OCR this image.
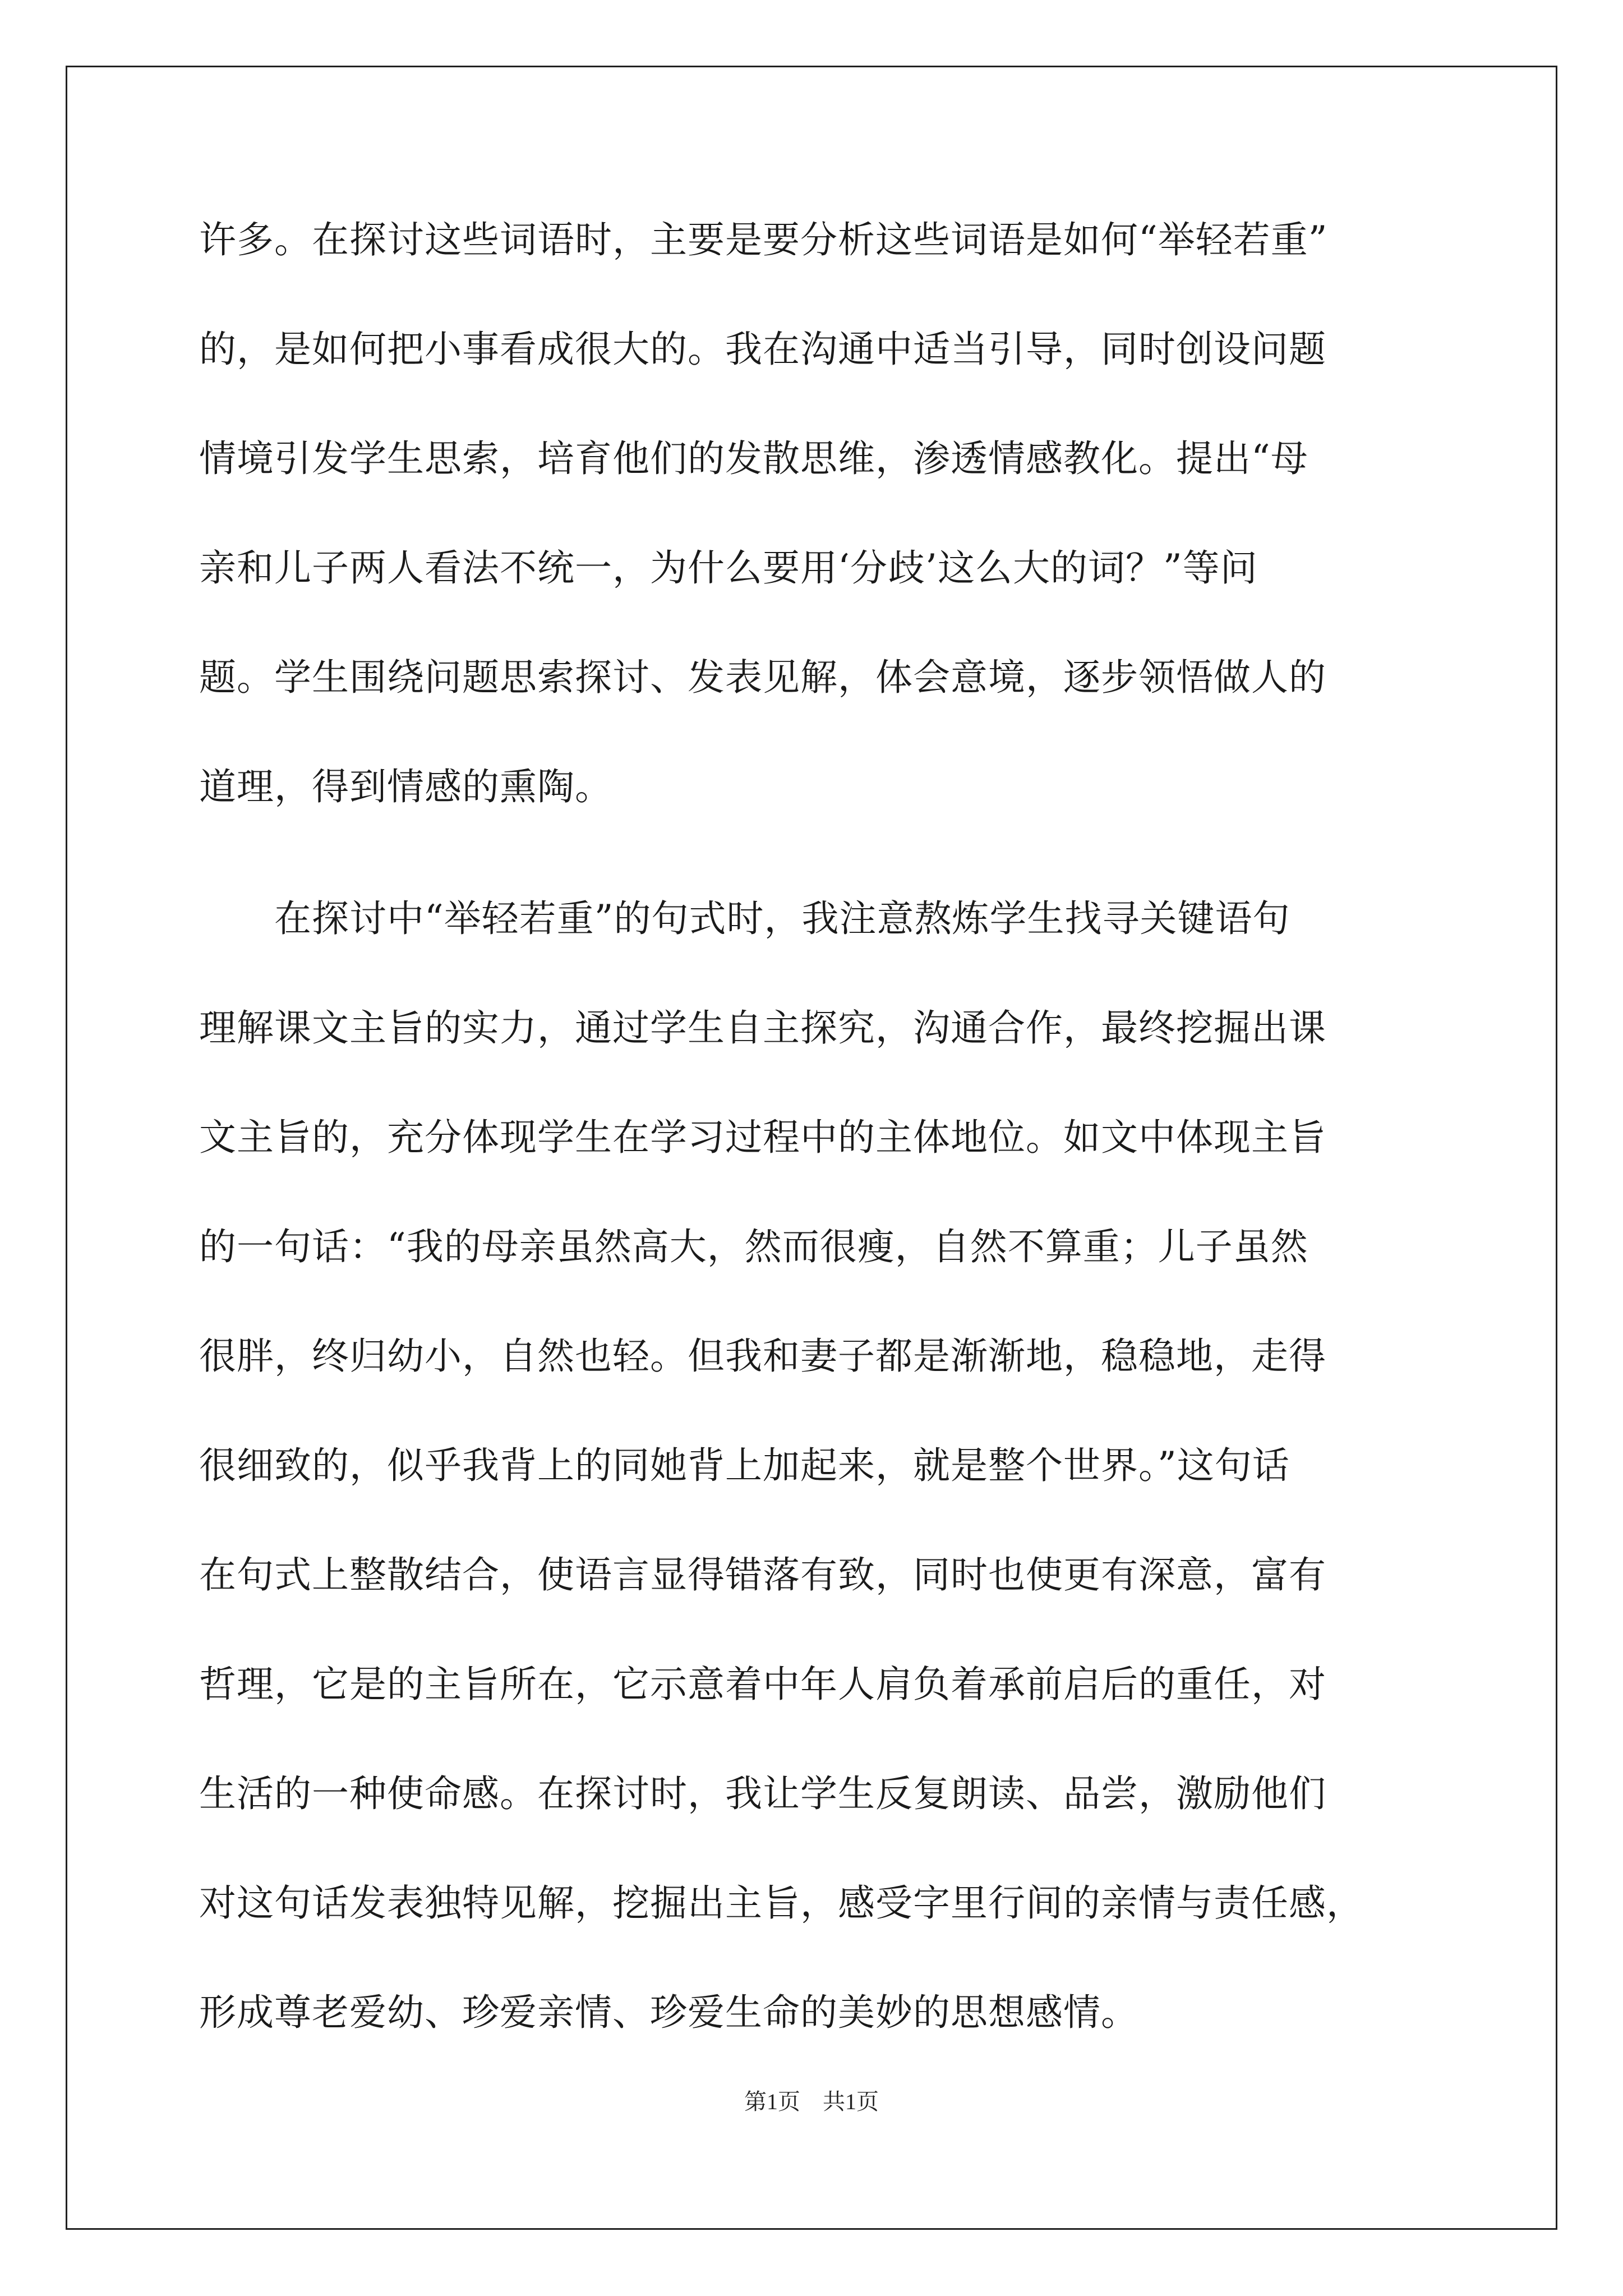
许多。在探讨这些词语时，主要是要分析这些词语是如何“举轻若重”
的，是如何把小事看成很大的。我在沟通中适当引导，同时创设问题
情境引发学生思索，培育他们的发散思维，渗透情感教化。提出“母
亲和儿子两人看法不统一，为什么要用‘分歧’这么大的词？”等问
题。学生围绕问题思索探讨、发表见解，体会意境，逐步领悟做人的
道理，得到情感的熏陶。
　　在探讨中“举轻若重”的句式时，我注意熬炼学生找寻关键语句
理解课文主旨的实力，通过学生自主探究，沟通合作，最终挖掘出课
文主旨的，充分体现学生在学习过程中的主体地位。如文中体现主旨
的一句话：“我的母亲虽然高大，然而很瘦，自然不算重；儿子虽然
很胖，终归幼小，自然也轻。但我和妻子都是渐渐地，稳稳地，走得
很细致的，似乎我背上的同她背上加起来，就是整个世界。”这句话
在句式上整散结合，使语言显得错落有致，同时也使更有深意，富有
哲理，它是的主旨所在，它示意着中年人肩负着承前启后的重任，对
生活的一种使命感。在探讨时，我让学生反复朗读、品尝，激励他们
对这句话发表独特见解，挖掘出主旨，感受字里行间的亲情与责任感，
形成尊老爱幼、珍爱亲情、珍爱生命的美妙的思想感情。
第1页　共1页
